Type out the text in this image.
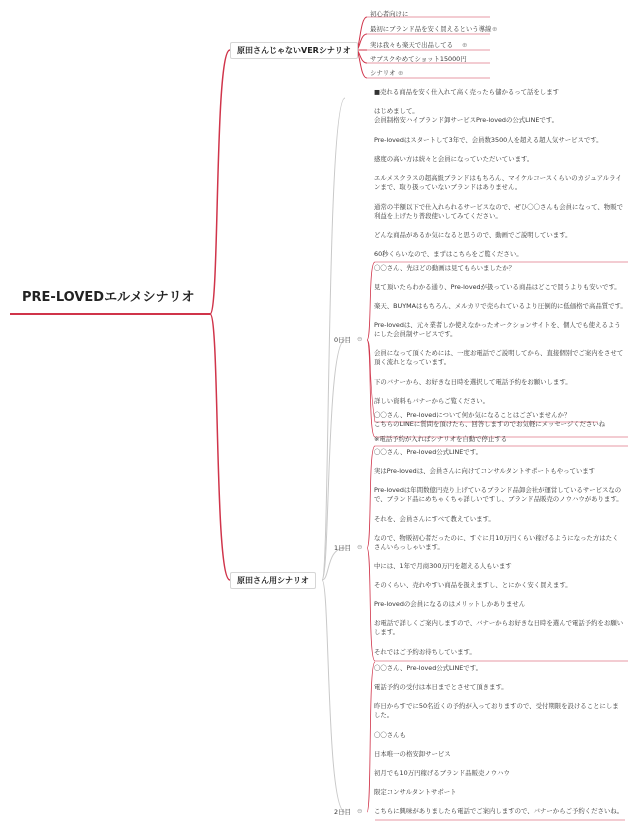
PRE-LOVEDエルメシナリオ
原田さんじゃないVERシナリオ
原田さん用シナリオ
初心者向けに
最初にブランド品を安く買えるという導線 ⊕
実は我々も楽天で出品してる ⊕
サブスクやめてショット15000円
シナリオ ⊕
■売れる商品を安く仕入れて高く売ったら儲かるって話をします
はじめまして。
会員制格安ハイブランド卸サービスPre-lovedの公式LINEです。
Pre-lovedはスタートして3年で、会員数3500人を超える超人気サービスです。
感度の高い方は続々と会員になっていただいています。
エルメスクラスの超高級ブランドはもちろん、マイケルコースくらいのカジュアルラインまで、取り扱っていないブランドはありません。
通常の半額以下で仕入れられるサービスなので、ぜひ〇〇さんも会員になって、物販で利益を上げたり普段使いしてみてください。
どんな商品があるか気になると思うので、動画でご説明しています。
60秒くらいなので、まずはこちらをご覧ください。
0日目 ⊖
1日目 ⊖
2日目 ⊖
〇〇さん、先ほどの動画は見てもらいましたか？
見て頂いたらわかる通り、Pre-lovedが扱っている商品はどこで買うよりも安いです。
楽天、BUYMAはもちろん、メルカリで売られているより圧倒的に低価格で高品質です。
Pre-lovedは、元々業者しか使えなかったオークションサイトを、個人でも使えるようにした会員制サービスです。
会員になって頂くためには、一度お電話でご説明してから、直接個別でご案内をさせて頂く流れとなっています。
下のバナーから、お好きな日時を選択して電話予約をお願いします。
詳しい資料もバナーからご覧ください。
〇〇さん、Pre-lovedについて何か気になることはございませんか？
こちらのLINEに質問を頂けたら、回答しますのでお気軽にメッセージくださいね
※電話予約が入ればシナリオを自動で停止する
〇〇さん、Pre-loved公式LINEです。
実はPre-lovedは、会員さんに向けてコンサルタントサポートもやっています
Pre-lovedは年間数億円売り上げているブランド品卸会社が運営しているサービスなので、ブランド品にめちゃくちゃ詳しいですし、ブランド品販売のノウハウがあります。
それを、会員さんにすべて教えています。
なので、物販初心者だったのに、すぐに月10万円くらい稼げるようになった方はたくさんいらっしゃいます。
中には、1年で月商300万円を超える人もいます
そのくらい、売れやすい商品を扱えますし、とにかく安く買えます。
Pre-lovedの会員になるのはメリットしかありません
お電話で詳しくご案内しますので、バナーからお好きな日時を選んで電話予約をお願いします。
それではご予約お待ちしています。
〇〇さん、Pre-loved公式LINEです。
電話予約の受付は本日までとさせて頂きます。
昨日からすでに50名近くの予約が入っておりますので、受付期限を設けることにしました。
〇〇さんも
日本唯一の格安卸サービス
初月でも10万円稼げるブランド品販売ノウハウ
限定コンサルタントサポート
こちらに興味がありましたら電話でご案内しますので、バナーからご予約くださいね。
